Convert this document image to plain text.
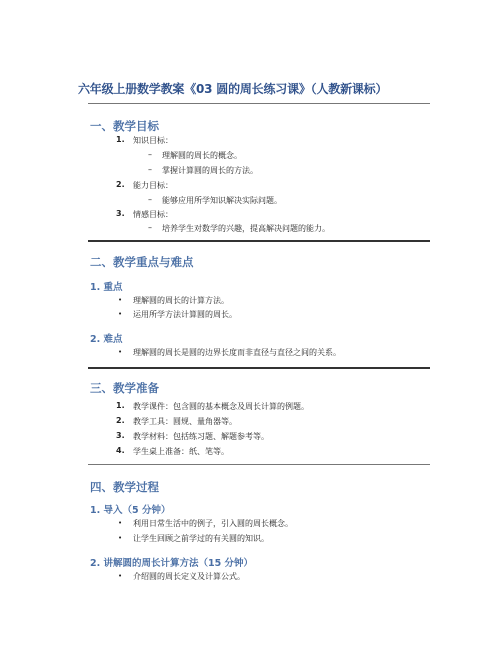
六年级上册数学教案《03 圆的周长练习课》（人教新课标）
一、教学目标
1. 知识目标：
– 理解圆的周长的概念。
– 掌握计算圆的周长的方法。
2. 能力目标：
– 能够应用所学知识解决实际问题。
3. 情感目标：
– 培养学生对数学的兴趣，提高解决问题的能力。
二、教学重点与难点
1. 重点
• 理解圆的周长的计算方法。
• 运用所学方法计算圆的周长。
2. 难点
• 理解圆的周长是圆的边界长度而非直径与直径之间的关系。
三、教学准备
1. 教学课件：包含圆的基本概念及周长计算的例题。
2. 教学工具：圆规、量角器等。
3. 教学材料：包括练习题、解题参考等。
4. 学生桌上准备：纸、笔等。
四、教学过程
1. 导入（5 分钟）
• 利用日常生活中的例子，引入圆的周长概念。
• 让学生回顾之前学过的有关圆的知识。
2. 讲解圆的周长计算方法（15 分钟）
• 介绍圆的周长定义及计算公式。
